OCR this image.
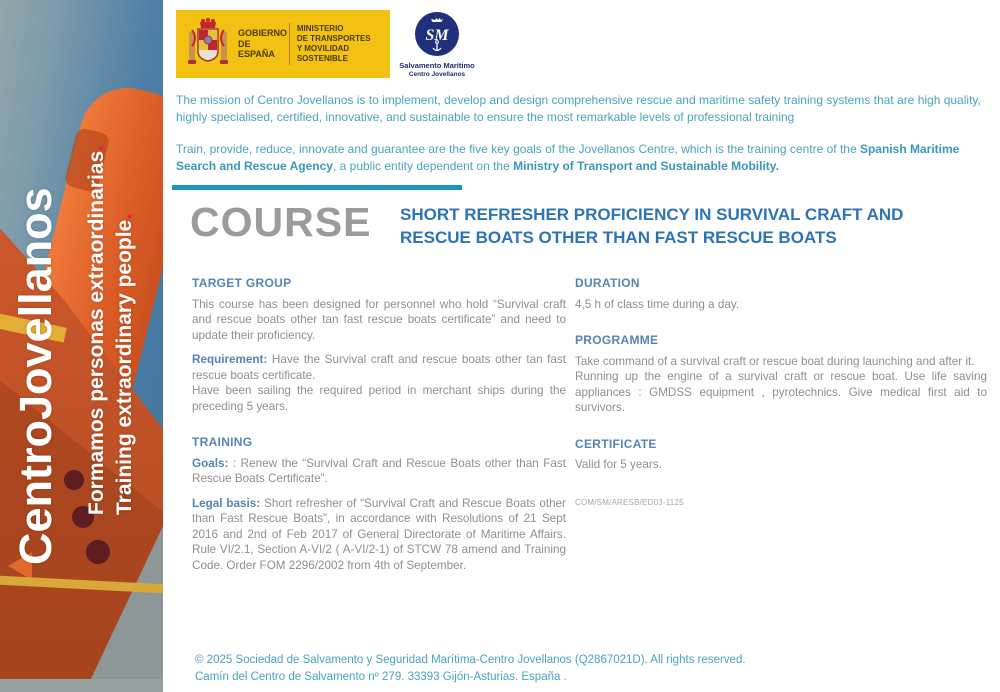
CentroJovellanos Formamos personas extraordinarias.
Training extraordinary people.
GOBIERNO
DE ESPAÑA
MINISTERIO
DE TRANSPORTES
Y MOVILIDAD SOSTENIBLE
SM
Salvamento Marítimo
Centro Jovellanos

The mission of Centro Jovellanos is to implement, develop and design comprehensive rescue and maritime safety training systems that are high quality, highly specialised, certified, innovative, and sustainable to ensure the most remarkable levels of professional training

Train, provide, reduce, innovate and guarantee are the five key goals of the Jovellanos Centre, which is the training centre of the Spanish Maritime Search and Rescue Agency, a public entity dependent on the Ministry of Transport and Sustainable Mobility.

COURSE SHORT REFRESHER PROFICIENCY IN SURVIVAL CRAFT AND RESCUE BOATS OTHER THAN FAST RESCUE BOATS
TARGET GROUP
This course has been designed for personnel who hold “Survival craft and rescue boats other tan fast rescue boats certificate” and need to update their proficiency.
Requirement: Have the Survival craft and rescue boats other tan fast rescue boats certificate.
Have been sailing the required period in merchant ships during the preceding 5 years.
TRAINING
Goals: : Renew the “Survival Craft and Rescue Boats other than Fast Rescue Boats Certificate”.
Legal basis: Short refresher of “Survival Craft and Rescue Boats other than Fast Rescue Boats”, in accordance with Resolutions of 21 Sept 2016 and 2nd of Feb 2017 of General Directorate of Maritime Affairs. Rule VI/2.1, Section A-VI/2 ( A-VI/2-1) of STCW 78 amend and Training Code. Order FOM 2296/2002 from 4th of September.
DURATION
4,5 h of class time during a day.
PROGRAMME
Take command of a survival craft or rescue boat during launching and after it.
Running up the engine of a survival craft or rescue boat. Use life saving appliances : GMDSS equipment , pyrotechnics. Give medical first aid to survivors.
CERTIFICATE
Valid for 5 years.
COM/SM/ARESB/ED03-1125
© 2025 Sociedad de Salvamento y Seguridad Marítima-Centro Jovellanos (Q2867021D). All rights reserved.
Camín del Centro de Salvamento nº 279. 33393 Gijón-Asturias. España .
